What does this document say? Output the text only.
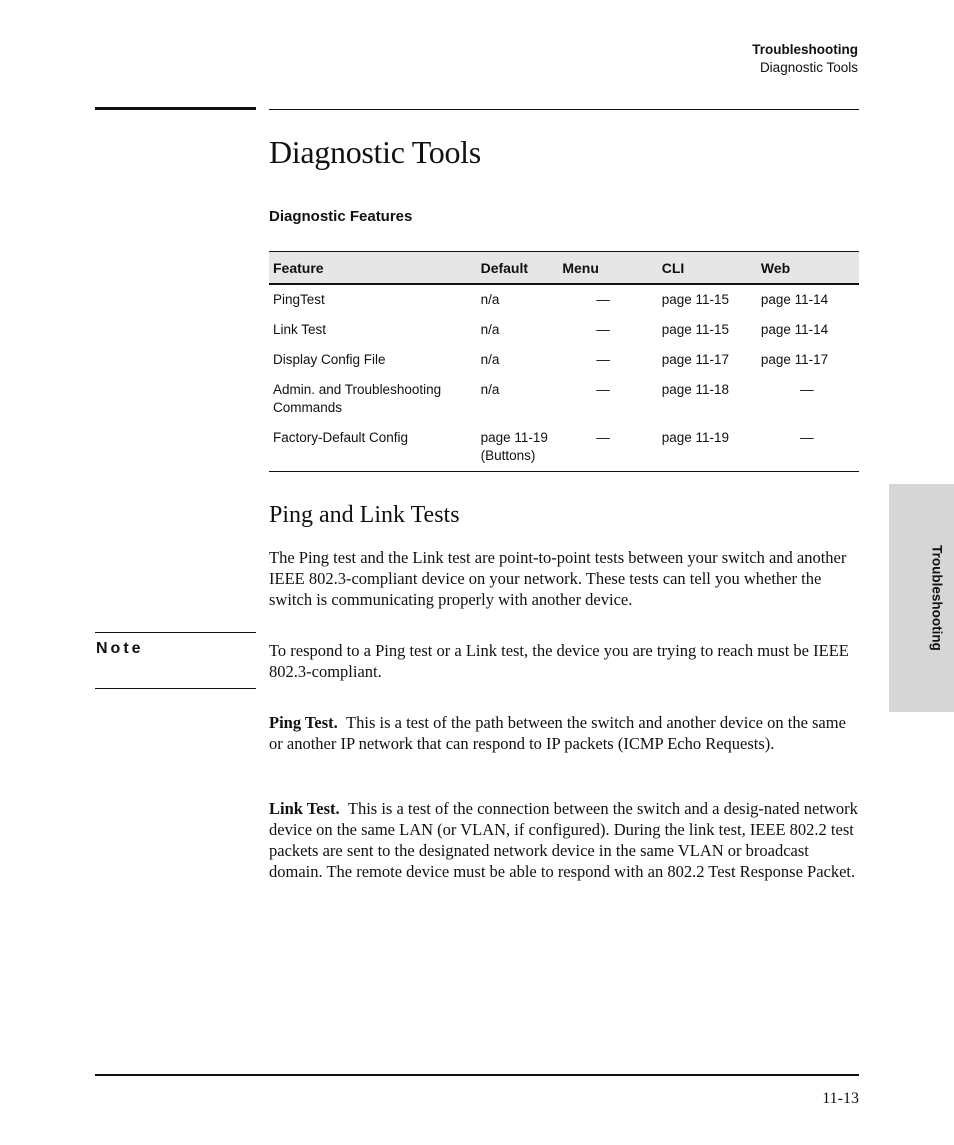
Troubleshooting
Diagnostic Tools
Diagnostic Tools
Diagnostic Features
Feature	Default	Menu	CLI	Web
PingTest	n/a	—	page 11-15	page 11-14
Link Test	n/a	—	page 11-15	page 11-14
Display Config File	n/a	—	page 11-17	page 11-17
Admin. and Troubleshooting Commands	n/a	—	page 11-18	—
Factory-Default Config	page 11-19 (Buttons)	—	page 11-19	—
Ping and Link Tests

The Ping test and the Link test are point-to-point tests between your switch and another IEEE 802.3-compliant device on your network. These tests can tell you whether the switch is communicating properly with another device.

Note	To respond to a Ping test or a Link test, the device you are trying to reach must be IEEE 802.3-compliant.

Ping Test. This is a test of the path between the switch and another device on the same or another IP network that can respond to IP packets (ICMP Echo Requests).

Link Test. This is a test of the connection between the switch and a desig-nated network device on the same LAN (or VLAN, if configured). During the link test, IEEE 802.2 test packets are sent to the designated network device in the same VLAN or broadcast domain. The remote device must be able to respond with an 802.2 Test Response Packet.

Troubleshooting
11-13
